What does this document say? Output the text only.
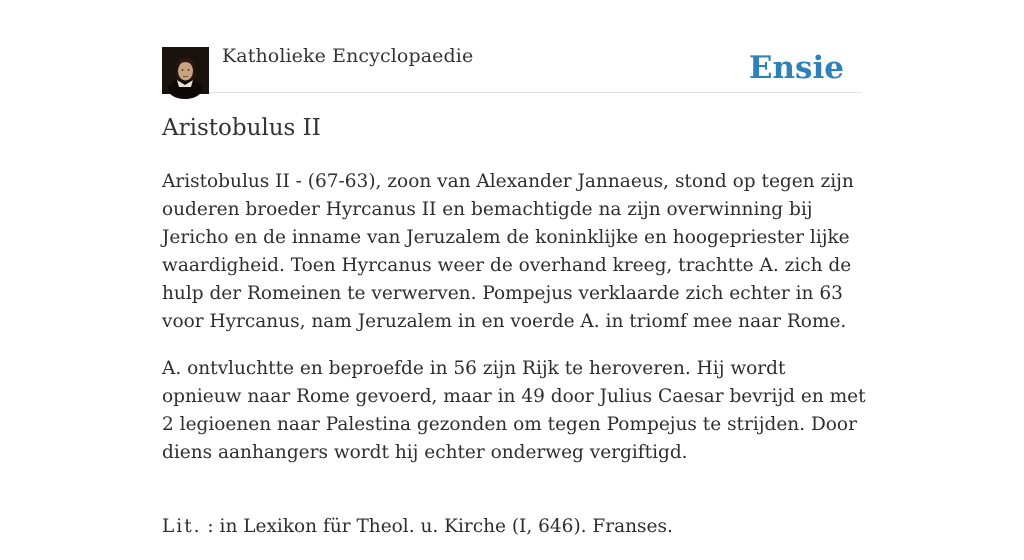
Katholieke Encyclopaedie	Ensie
Aristobulus II

Aristobulus II - (67-63), zoon van Alexander Jannaeus, stond op tegen zijn ouderen broeder Hyrcanus II en bemachtigde na zijn overwinning bij Jericho en de inname van Jeruzalem de koninklijke en hoogepriester lijke waardigheid. Toen Hyrcanus weer de overhand kreeg, trachtte A. zich de hulp der Romeinen te verwerven. Pompejus verklaarde zich echter in 63 voor Hyrcanus, nam Jeruzalem in en voerde A. in triomf mee naar Rome.

A. ontvluchtte en beproefde in 56 zijn Rijk te heroveren. Hij wordt opnieuw naar Rome gevoerd, maar in 49 door Julius Caesar bevrijd en met 2 legioenen naar Palestina gezonden om tegen Pompejus te strijden. Door diens aanhangers wordt hij echter onderweg vergiftigd.

Lit. : in Lexikon für Theol. u. Kirche (I, 646). Franses.
